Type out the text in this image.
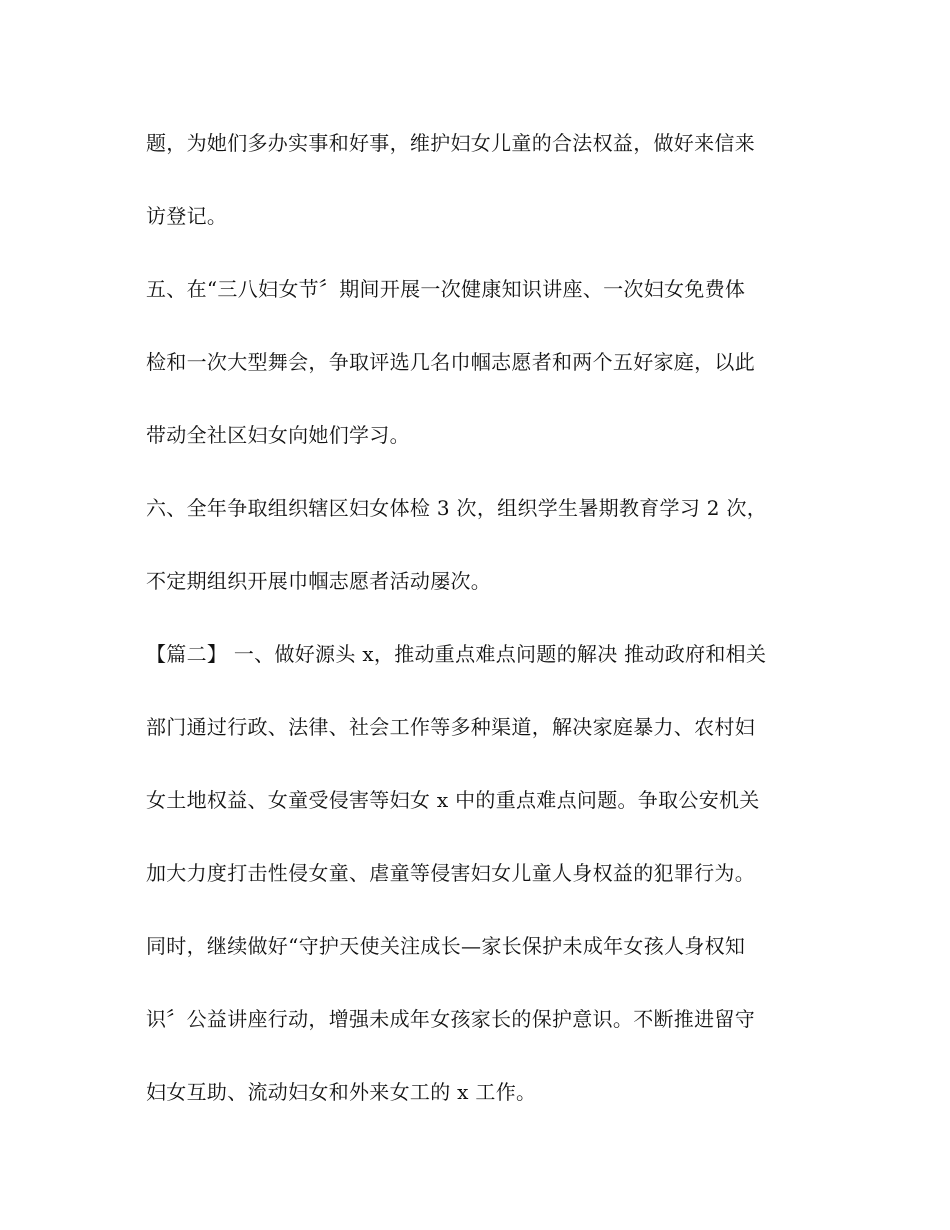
题，为她们多办实事和好事，维护妇女儿童的合法权益，做好来信来
访登记。
五、在“三八妇女节〞期间开展一次健康知识讲座、一次妇女免费体
检和一次大型舞会，争取评选几名巾帼志愿者和两个五好家庭，以此
带动全社区妇女向她们学习。
六、全年争取组织辖区妇女体检 3 次，组织学生暑期教育学习 2 次，
不定期组织开展巾帼志愿者活动屡次。
【篇二】 一、做好源头 x，推动重点难点问题的解决 推动政府和相关
部门通过行政、法律、社会工作等多种渠道，解决家庭暴力、农村妇
女土地权益、女童受侵害等妇女 x 中的重点难点问题。争取公安机关
加大力度打击性侵女童、虐童等侵害妇女儿童人身权益的犯罪行为。
同时，继续做好“守护天使关注成长—家长保护未成年女孩人身权知
识〞公益讲座行动，增强未成年女孩家长的保护意识。不断推进留守
妇女互助、流动妇女和外来女工的 x 工作。
